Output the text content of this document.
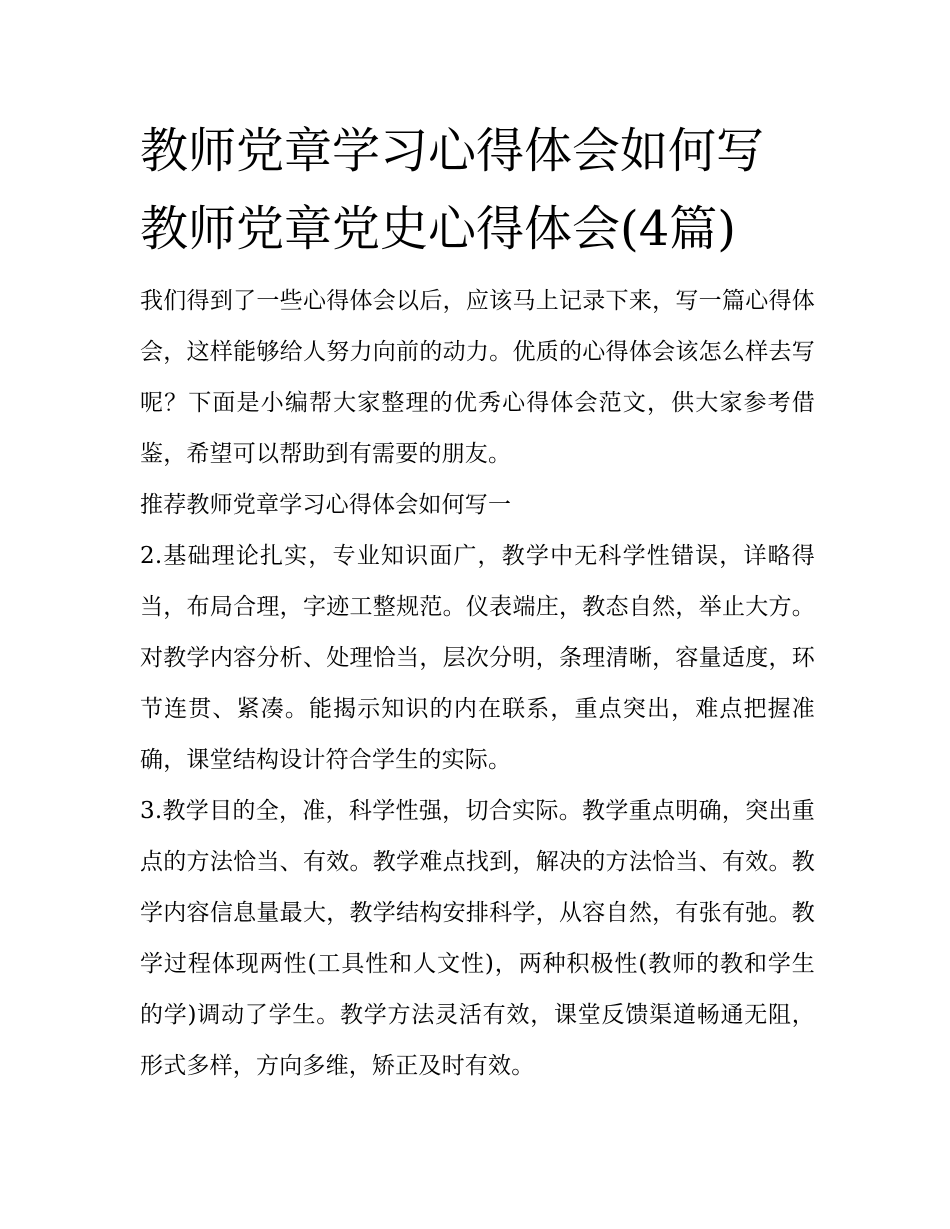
教师党章学习心得体会如何写
教师党章党史心得体会(4篇)

我们得到了一些心得体会以后，应该马上记录下来，写一篇心得体会，这样能够给人努力向前的动力。优质的心得体会该怎么样去写呢？下面是小编帮大家整理的优秀心得体会范文，供大家参考借鉴，希望可以帮助到有需要的朋友。

推荐教师党章学习心得体会如何写一

2.基础理论扎实，专业知识面广，教学中无科学性错误，详略得当，布局合理，字迹工整规范。仪表端庄，教态自然，举止大方。对教学内容分析、处理恰当，层次分明，条理清晰，容量适度，环节连贯、紧凑。能揭示知识的内在联系，重点突出，难点把握准确，课堂结构设计符合学生的实际。

3.教学目的全，准，科学性强，切合实际。教学重点明确，突出重点的方法恰当、有效。教学难点找到，解决的方法恰当、有效。教学内容信息量最大，教学结构安排科学，从容自然，有张有弛。教学过程体现两性(工具性和人文性)，两种积极性(教师的教和学生的学)调动了学生。教学方法灵活有效，课堂反馈渠道畅通无阻，形式多样，方向多维，矫正及时有效。
